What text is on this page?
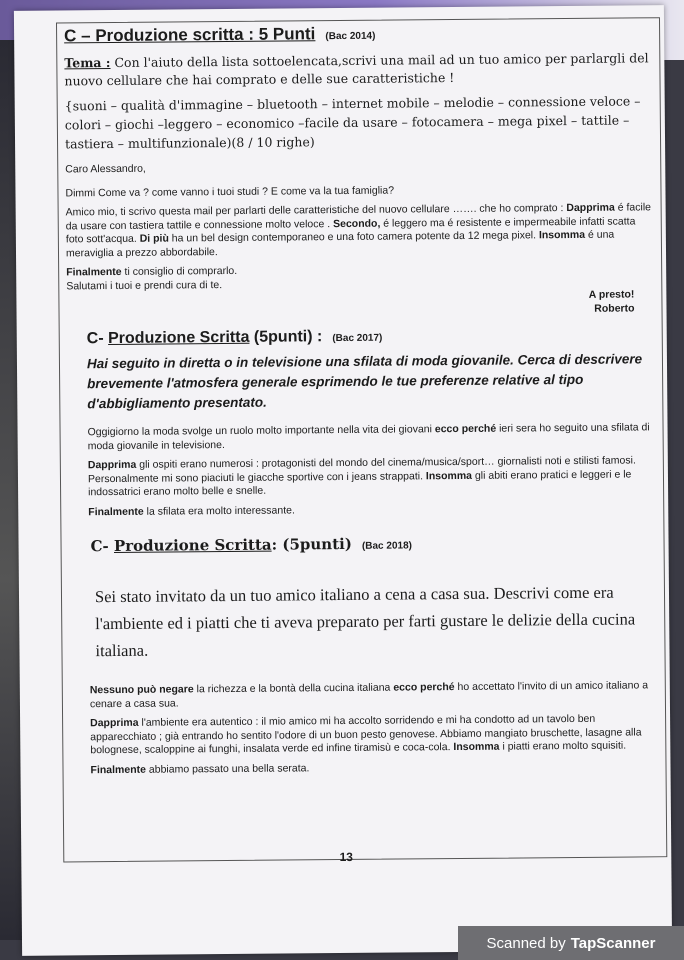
C – Produzione scritta : 5 Punti (Bac 2014)
Tema : Con l'aiuto della lista sottoelencata,scrivi una mail ad un tuo amico per parlargli del nuovo cellulare che hai comprato e delle sue caratteristiche !
{suoni – qualità d'immagine – bluetooth – internet mobile – melodie – connessione veloce – colori – giochi –leggero – economico –facile da usare – fotocamera – mega pixel – tattile –tastiera – multifunzionale)(8 / 10 righe)
Caro Alessandro,
Dimmi Come va ? come vanno i tuoi studi ? E come va la tua famiglia?
Amico mio, ti scrivo questa mail per parlarti delle caratteristiche del nuovo cellulare ……. che ho comprato : Dapprima é facile da usare con tastiera tattile e connessione molto veloce . Secondo, é leggero ma é resistente e impermeabile infatti scatta foto sott'acqua. Di più ha un bel design contemporaneo e una foto camera potente da 12 mega pixel. Insomma é una meraviglia a prezzo abbordabile.
Finalmente ti consiglio di comprarlo.
Salutami i tuoi e prendi cura di te.
A presto!
Roberto
C- Produzione Scritta (5punti) : (Bac 2017)
Hai seguito in diretta o in televisione una sfilata di moda giovanile. Cerca di descrivere brevemente l'atmosfera generale esprimendo le tue preferenze relative al tipo d'abbigliamento presentato.
Oggigiorno la moda svolge un ruolo molto importante nella vita dei giovani ecco perché ieri sera ho seguito una sfilata di moda giovanile in televisione.
Dapprima gli ospiti erano numerosi : protagonisti del mondo del cinema/musica/sport… giornalisti noti e stilisti famosi. Personalmente mi sono piaciuti le giacche sportive con i jeans strappati. Insomma gli abiti erano pratici e leggeri e le indossatrici erano molto belle e snelle.
Finalmente la sfilata era molto interessante.
C- Produzione Scritta: (5punti) (Bac 2018)
Sei stato invitato da un tuo amico italiano a cena a casa sua. Descrivi come era l'ambiente ed i piatti che ti aveva preparato per farti gustare le delizie della cucina italiana.
Nessuno può negare la richezza e la bontà della cucina italiana ecco perché ho accettato l'invito di un amico italiano a cenare a casa sua.
Dapprima l'ambiente era autentico : il mio amico mi ha accolto sorridendo e mi ha condotto ad un tavolo ben apparecchiato ; già entrando ho sentito l'odore di un buon pesto genovese. Abbiamo mangiato bruschette, lasagne alla bolognese, scaloppine ai funghi, insalata verde ed infine tiramisù e coca-cola. Insomma i piatti erano molto squisiti.
Finalmente abbiamo passato una bella serata.
13
Scanned by TapScanner
